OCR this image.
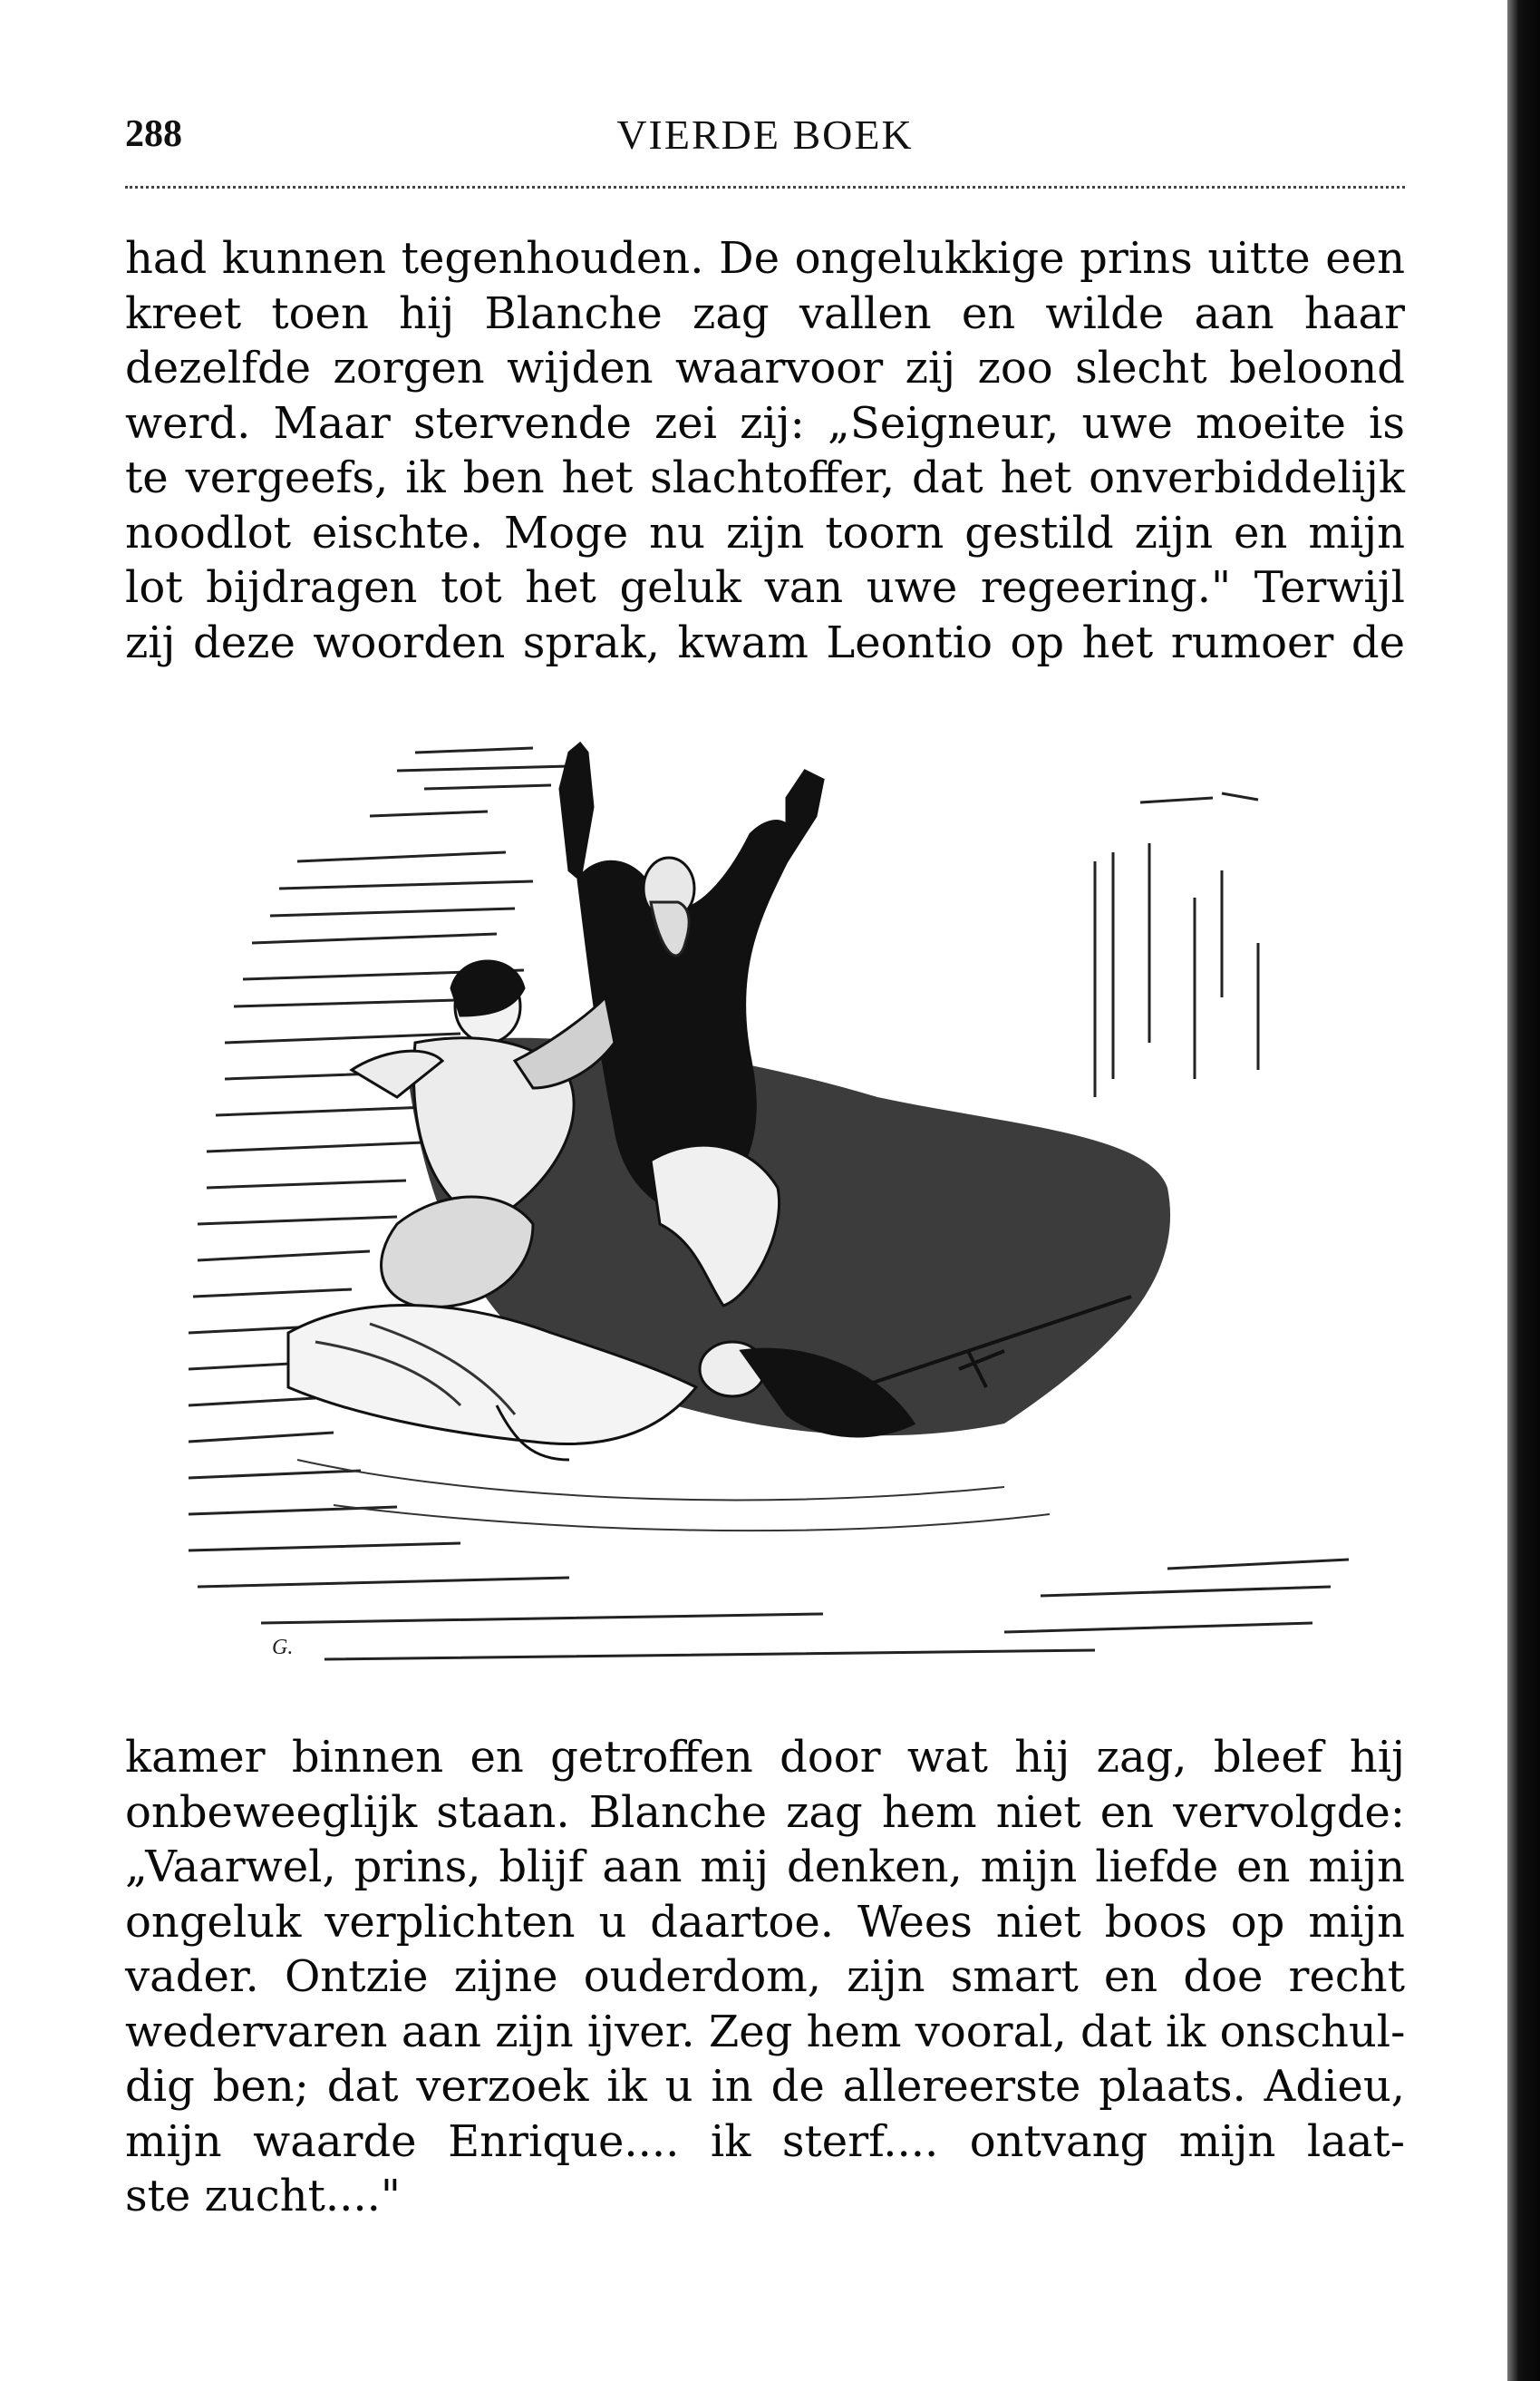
288	VIERDE BOEK
had kunnen tegenhouden. De ongelukkige prins uitte een
kreet toen hij Blanche zag vallen en wilde aan haar
dezelfde zorgen wijden waarvoor zij zoo slecht beloond
werd. Maar stervende zei zij: „Seigneur, uwe moeite is
te vergeefs, ik ben het slachtoffer, dat het onverbiddelijk
noodlot eischte. Moge nu zijn toorn gestild zijn en mijn
lot bijdragen tot het geluk van uwe regeering." Terwijl
zij deze woorden sprak, kwam Leontio op het rumoer de
G.
kamer binnen en getroffen door wat hij zag, bleef hij
onbeweeglijk staan. Blanche zag hem niet en vervolgde:
„Vaarwel, prins, blijf aan mij denken, mijn liefde en mijn
ongeluk verplichten u daartoe. Wees niet boos op mijn
vader. Ontzie zijne ouderdom, zijn smart en doe recht
wedervaren aan zijn ijver. Zeg hem vooral, dat ik onschul-
dig ben; dat verzoek ik u in de allereerste plaats. Adieu,
mijn waarde Enrique.... ik sterf.... ontvang mijn laat-
ste zucht...."
